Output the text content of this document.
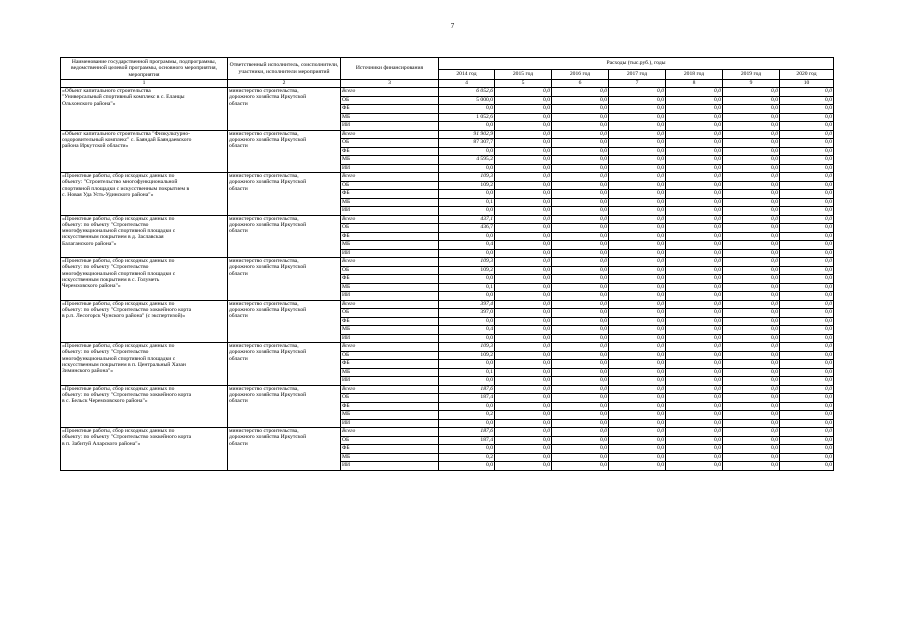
7
Наименование государственной программы, подпрограммы, ведомственной целевой программы, основного мероприятия, мероприятия	Ответственный исполнитель, соисполнители, участники, исполнители мероприятий	Источники финансирования	Расходы (тыс.руб.), годы						
			2014 год	2015 год	2016 год	2017 год	2018 год	2019 год	2020 год
1	2	3	4	5	6	7	8	9	10
«Объект капитального строительства
"Универсальный спортивный комплекс в с. Еланцы
Ольхонского района"»	министерство строительства,
дорожного хозяйства Иркутской
области	Всего	6 052,6	0,0	0,0	0,0	0,0	0,0	0,0
		ОБ	5 000,0	0,0	0,0	0,0	0,0	0,0	0,0
		ФБ	0,0	0,0	0,0	0,0	0,0	0,0	0,0
		МБ	1 052,6	0,0	0,0	0,0	0,0	0,0	0,0
		ИИ	0,0	0,0	0,0	0,0	0,0	0,0	0,0
«Объект капитального строительства "Физкультурно-
оздоровительный комплекс" с. Баяндай Баяндаевского
района Иркутской области»	министерство строительства,
дорожного хозяйства Иркутской
области	Всего	91 902,9	0,0	0,0	0,0	0,0	0,0	0,0
		ОБ	87 307,7	0,0	0,0	0,0	0,0	0,0	0,0
		ФБ	0,0	0,0	0,0	0,0	0,0	0,0	0,0
		МБ	4 595,2	0,0	0,0	0,0	0,0	0,0	0,0
		ИИ	0,0	0,0	0,0	0,0	0,0	0,0	0,0
«Проектные работы, сбор исходных данных по
объекту: "Строительство многофункциональной
спортивной площадки с искусственным покрытием в
с. Новая Уда Усть-Удинского района"»	министерство строительства,
дорожного хозяйства Иркутской
области	Всего	109,3	0,0	0,0	0,0	0,0	0,0	0,0
		ОБ	109,2	0,0	0,0	0,0	0,0	0,0	0,0
		ФБ	0,0	0,0	0,0	0,0	0,0	0,0	0,0
		МБ	0,1	0,0	0,0	0,0	0,0	0,0	0,0
		ИИ	0,0	0,0	0,0	0,0	0,0	0,0	0,0
«Проектные работы, сбор исходных данных по
объекту: по объекту "Строительство
многофункциональной спортивной площадки с
искусственным покрытием в д. Заславская
Балаганского района"»	министерство строительства,
дорожного хозяйства Иркутской
области	Всего	437,1	0,0	0,0	0,0	0,0	0,0	0,0
		ОБ	436,7	0,0	0,0	0,0	0,0	0,0	0,0
		ФБ	0,0	0,0	0,0	0,0	0,0	0,0	0,0
		МБ	0,4	0,0	0,0	0,0	0,0	0,0	0,0
		ИИ	0,0	0,0	0,0	0,0	0,0	0,0	0,0
«Проектные работы, сбор исходных данных по
объекту: по объекту "Строительство
многофункциональной спортивной площадки с
искусственным покрытием в с. Голуметь
Черемховского района"»	министерство строительства,
дорожного хозяйства Иркутской
области	Всего	109,3	0,0	0,0	0,0	0,0	0,0	0,0
		ОБ	109,2	0,0	0,0	0,0	0,0	0,0	0,0
		ФБ	0,0	0,0	0,0	0,0	0,0	0,0	0,0
		МБ	0,1	0,0	0,0	0,0	0,0	0,0	0,0
		ИИ	0,0	0,0	0,0	0,0	0,0	0,0	0,0
«Проектные работы, сбор исходных данных по
объекту: по объекту "Строительство хоккейного корта
в р.п. Лесогорск Чунского района" (с экспертизой)»	министерство строительства,
дорожного хозяйства Иркутской
области	Всего	397,4	0,0	0,0	0,0	0,0	0,0	0,0
		ОБ	397,0	0,0	0,0	0,0	0,0	0,0	0,0
		ФБ	0,0	0,0	0,0	0,0	0,0	0,0	0,0
		МБ	0,4	0,0	0,0	0,0	0,0	0,0	0,0
		ИИ	0,0	0,0	0,0	0,0	0,0	0,0	0,0
«Проектные работы, сбор исходных данных по
объекту: по объекту "Строительство
многофункциональной спортивной площадки с
искусственным покрытием в п. Центральный Хазан
Зиминского района"»	министерство строительства,
дорожного хозяйства Иркутской
области	Всего	109,3	0,0	0,0	0,0	0,0	0,0	0,0
		ОБ	109,2	0,0	0,0	0,0	0,0	0,0	0,0
		ФБ	0,0	0,0	0,0	0,0	0,0	0,0	0,0
		МБ	0,1	0,0	0,0	0,0	0,0	0,0	0,0
		ИИ	0,0	0,0	0,0	0,0	0,0	0,0	0,0
«Проектные работы, сбор исходных данных по
объекту: по объекту "Строительство хоккейного корта
в с. Бельск Черемховского района"»	министерство строительства,
дорожного хозяйства Иркутской
области	Всего	187,6	0,0	0,0	0,0	0,0	0,0	0,0
		ОБ	187,4	0,0	0,0	0,0	0,0	0,0	0,0
		ФБ	0,0	0,0	0,0	0,0	0,0	0,0	0,0
		МБ	0,2	0,0	0,0	0,0	0,0	0,0	0,0
		ИИ	0,0	0,0	0,0	0,0	0,0	0,0	0,0
«Проектные работы, сбор исходных данных по
объекту: по объекту "Строительство хоккейного корта
в п. Забитуй Аларского района"»	министерство строительства,
дорожного хозяйства Иркутской
области	Всего	187,6	0,0	0,0	0,0	0,0	0,0	0,0
		ОБ	187,4	0,0	0,0	0,0	0,0	0,0	0,0
		ФБ	0,0	0,0	0,0	0,0	0,0	0,0	0,0
		МБ	0,2	0,0	0,0	0,0	0,0	0,0	0,0
		ИИ	0,0	0,0	0,0	0,0	0,0	0,0	0,0
